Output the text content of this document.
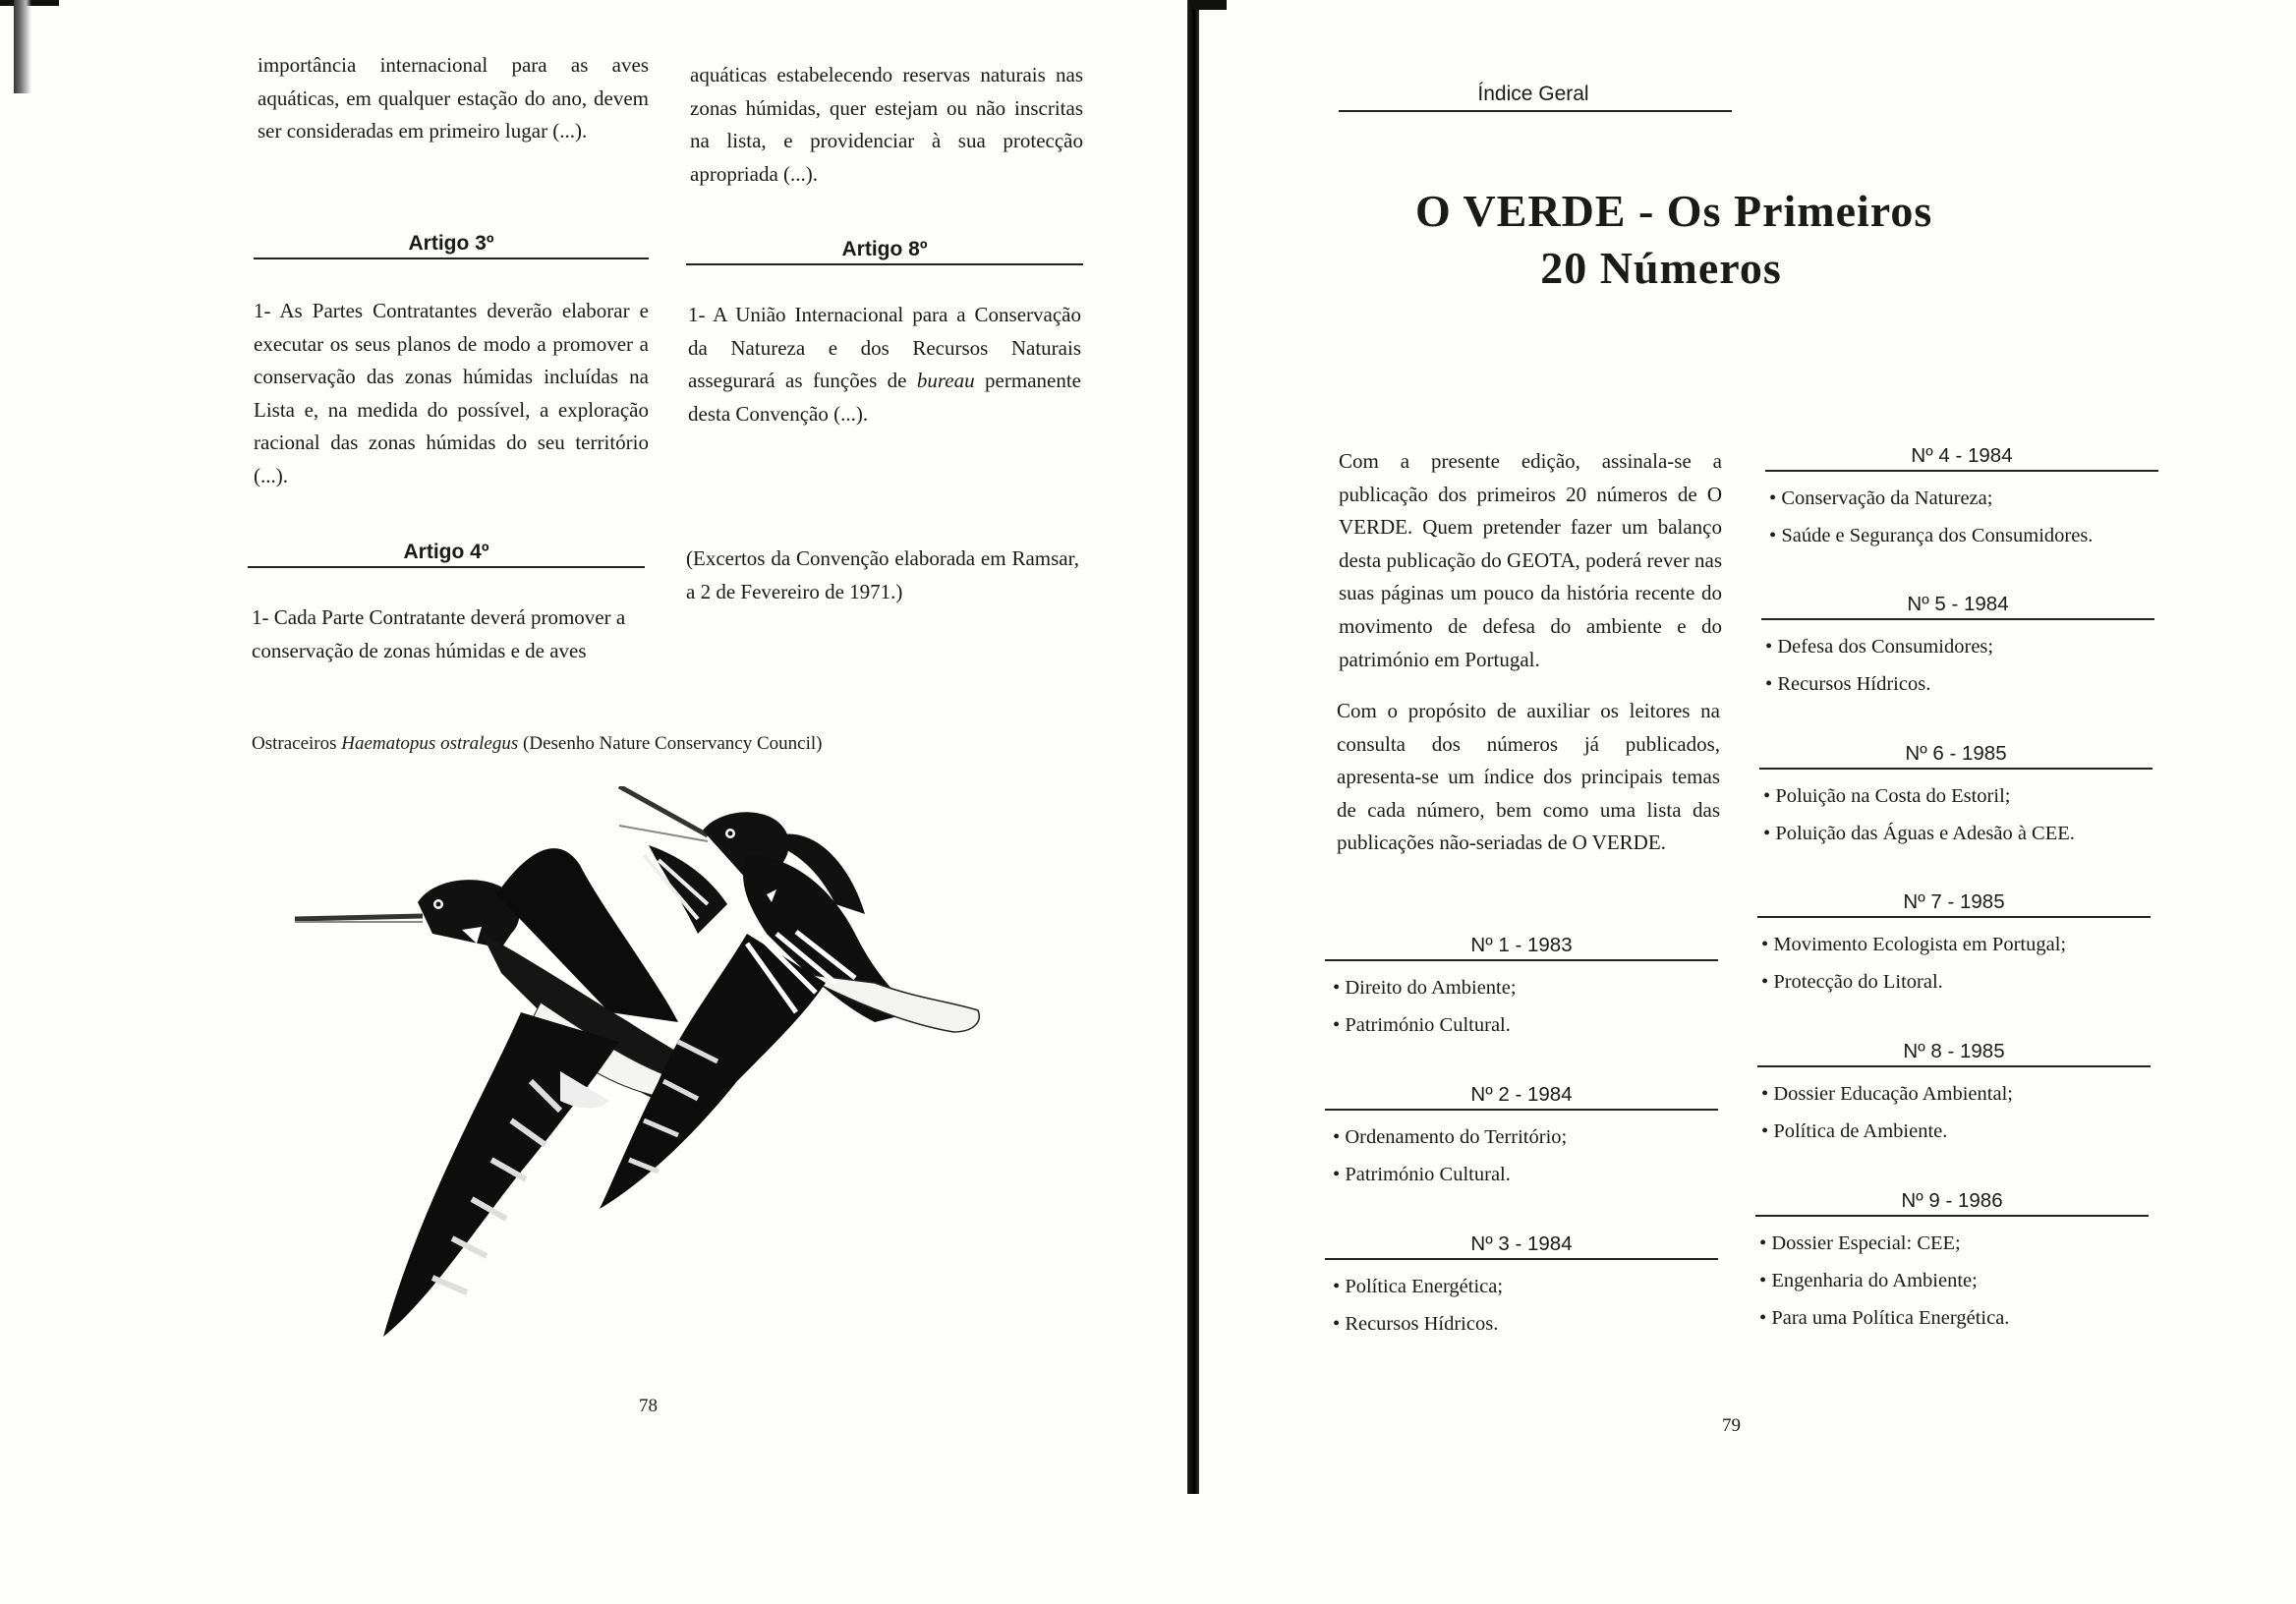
importância internacional para as aves aquáticas, em qualquer estação do ano, devem ser consideradas em primeiro lugar (...).
aquáticas estabelecendo reservas naturais nas zonas húmidas, quer estejam ou não inscritas na lista, e providenciar à sua protecção apropriada (...).
Artigo 3º
1- As Partes Contratantes deverão elaborar e executar os seus planos de modo a promover a conservação das zonas húmidas incluídas na Lista e, na medida do possível, a exploração racional das zonas húmidas do seu território (...).
Artigo 8º
1- A União Internacional para a Conservação da Natureza e dos Recursos Naturais assegurará as funções de bureau permanente desta Convenção (...).
Artigo 4º
1- Cada Parte Contratante deverá promover a conservação de zonas húmidas e de aves
(Excertos da Convenção elaborada em Ramsar, a 2 de Fevereiro de 1971.)
Ostraceiros Haematopus ostralegus (Desenho Nature Conservancy Council)
78
Índice Geral
O VERDE - Os Primeiros
20 Números
Com a presente edição, assinala-se a publicação dos primeiros 20 números de O VERDE. Quem pretender fazer um balanço desta publicação do GEOTA, poderá rever nas suas páginas um pouco da história recente do movimento de defesa do ambiente e do património em Portugal.
Com o propósito de auxiliar os leitores na consulta dos números já publicados, apresenta-se um índice dos principais temas de cada número, bem como uma lista das publicações não-seriadas de O VERDE.
Nº 1 - 1983
• Direito do Ambiente;
• Património Cultural.
Nº 2 - 1984
• Ordenamento do Território;
• Património Cultural.
Nº 3 - 1984
• Política Energética;
• Recursos Hídricos.
Nº 4 - 1984
• Conservação da Natureza;
• Saúde e Segurança dos Consumidores.
Nº 5 - 1984
• Defesa dos Consumidores;
• Recursos Hídricos.
Nº 6 - 1985
• Poluição na Costa do Estoril;
• Poluição das Águas e Adesão à CEE.
Nº 7 - 1985
• Movimento Ecologista em Portugal;
• Protecção do Litoral.
Nº 8 - 1985
• Dossier Educação Ambiental;
• Política de Ambiente.
Nº 9 - 1986
• Dossier Especial: CEE;
• Engenharia do Ambiente;
• Para uma Política Energética.
79
